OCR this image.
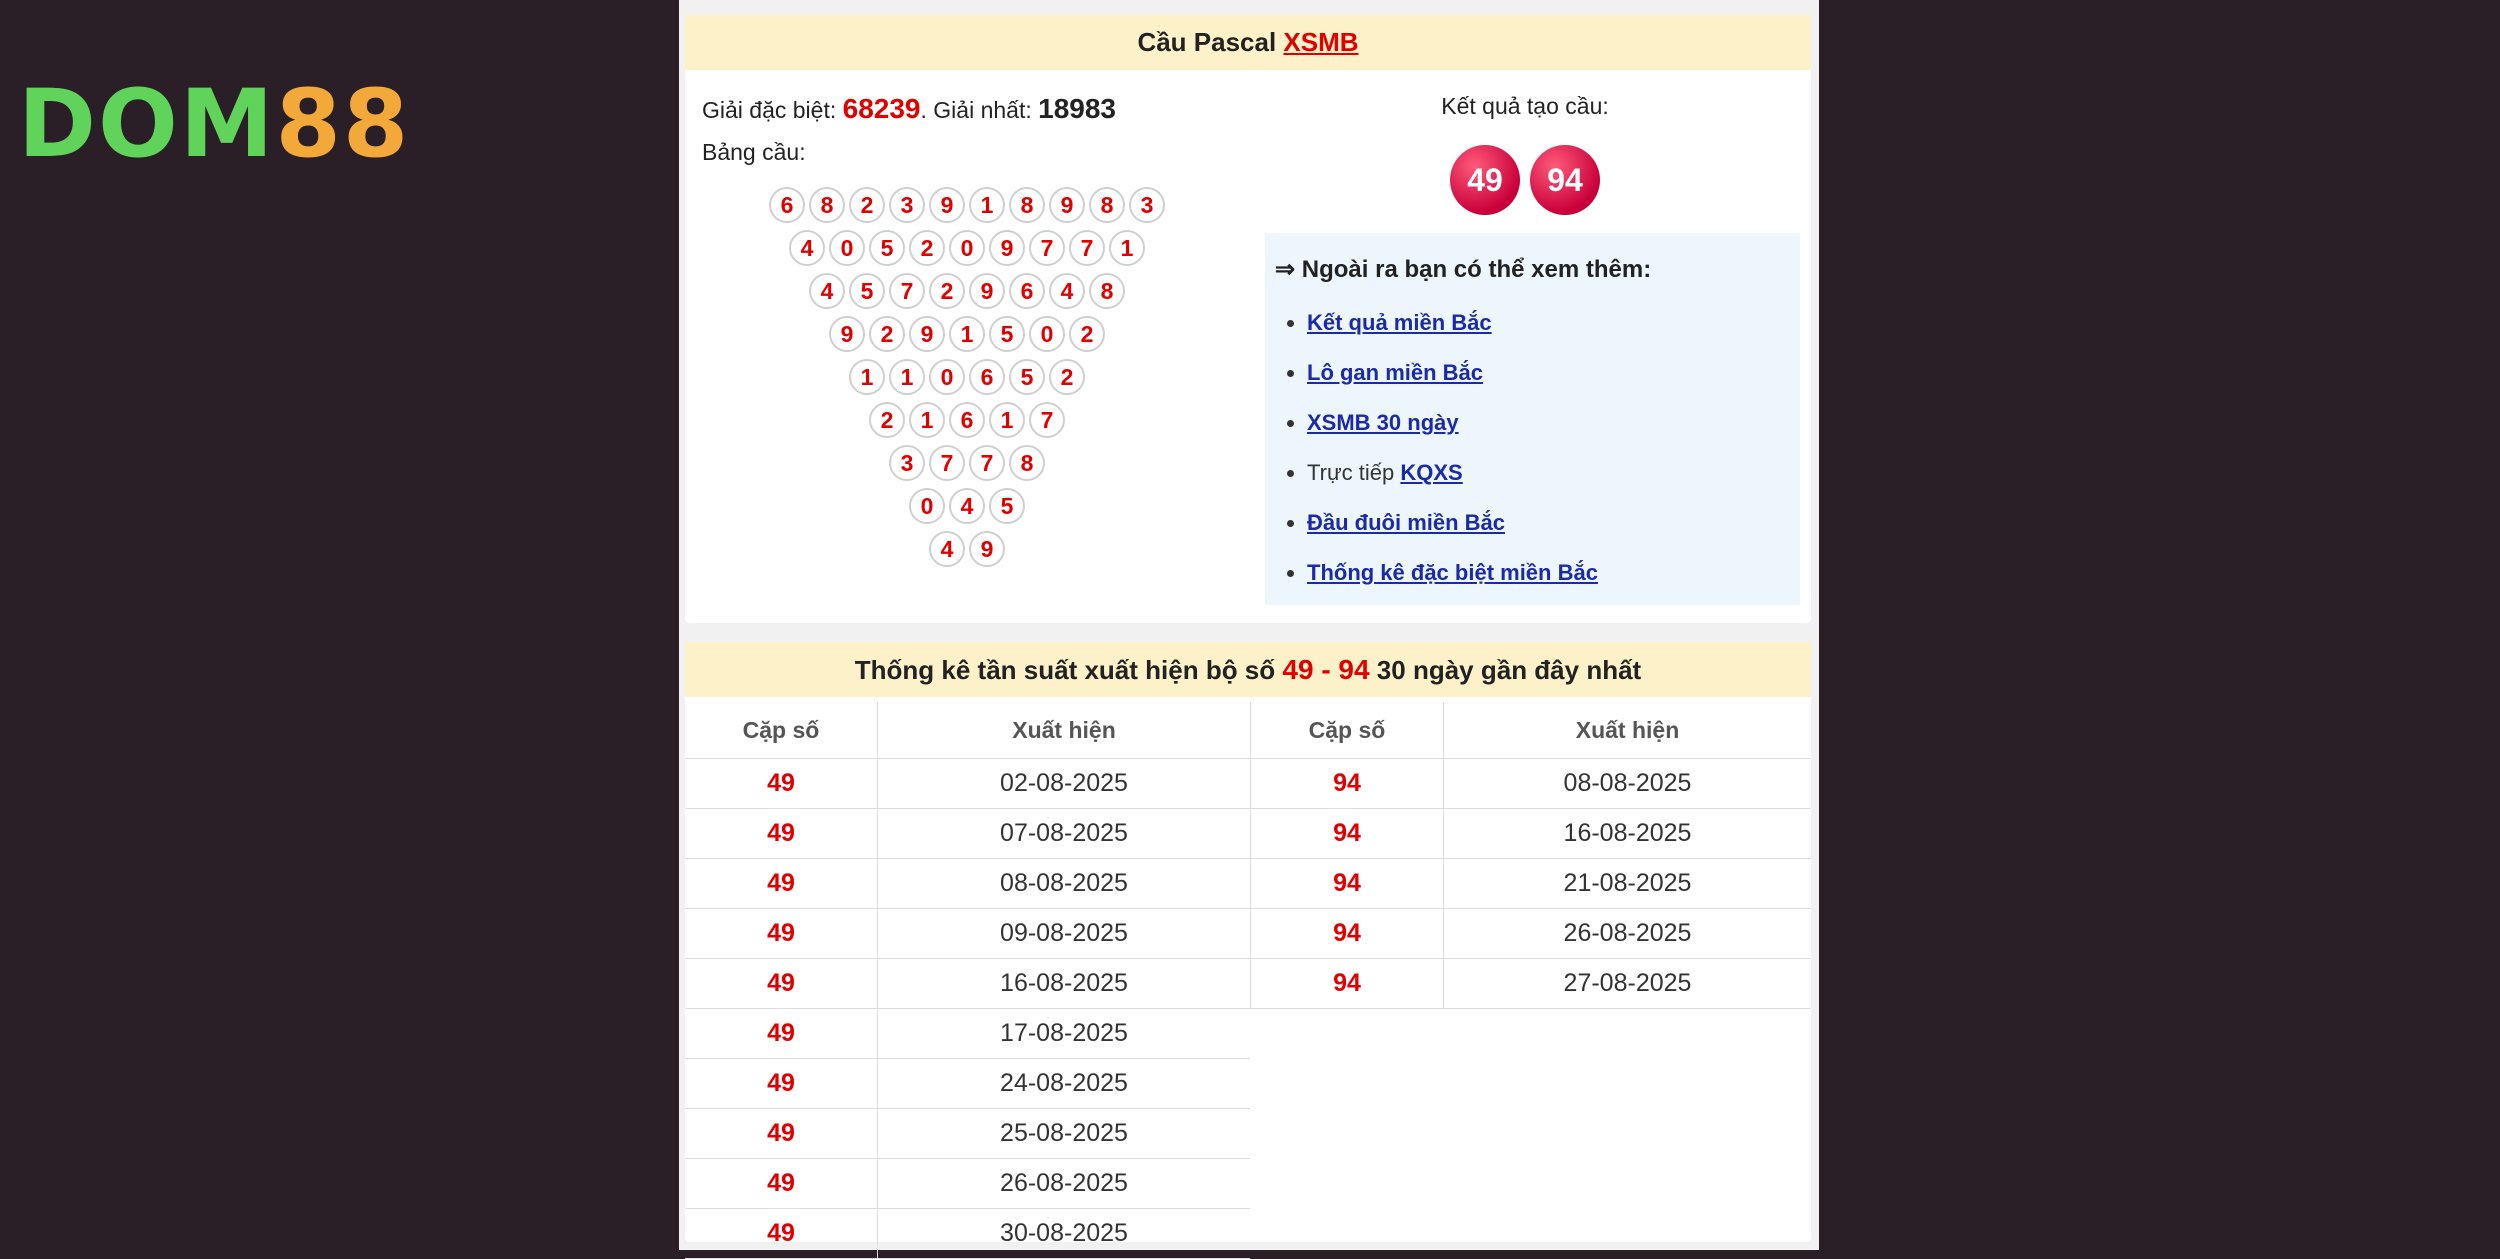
DOM88
Cầu Pascal XSMB
Giải đặc biệt: 68239. Giải nhất: 18983
Bảng cầu:
6	8	2	3	9	1	8	9	8	3
4	0	5	2	0	9	7	7	1
4	5	7	2	9	6	4	8
9	2	9	1	5	0	2
1	1	0	6	5	2
2	1	6	1	7
3	7	7	8
0	4	5
4	9
Kết quả tạo cầu:
49	94
⇒ Ngoài ra bạn có thể xem thêm:
• Kết quả miền Bắc
• Lô gan miền Bắc
• XSMB 30 ngày
• Trực tiếp KQXS
• Đầu đuôi miền Bắc
• Thống kê đặc biệt miền Bắc
Thống kê tần suất xuất hiện bộ số 49 - 94 30 ngày gần đây nhất
Cặp số	Xuất hiện
49	02-08-2025
49	07-08-2025
49	08-08-2025
49	09-08-2025
49	16-08-2025
49	17-08-2025
49	24-08-2025
49	25-08-2025
49	26-08-2025
49	30-08-2025
Cặp số	Xuất hiện
94	08-08-2025
94	16-08-2025
94	21-08-2025
94	26-08-2025
94	27-08-2025
